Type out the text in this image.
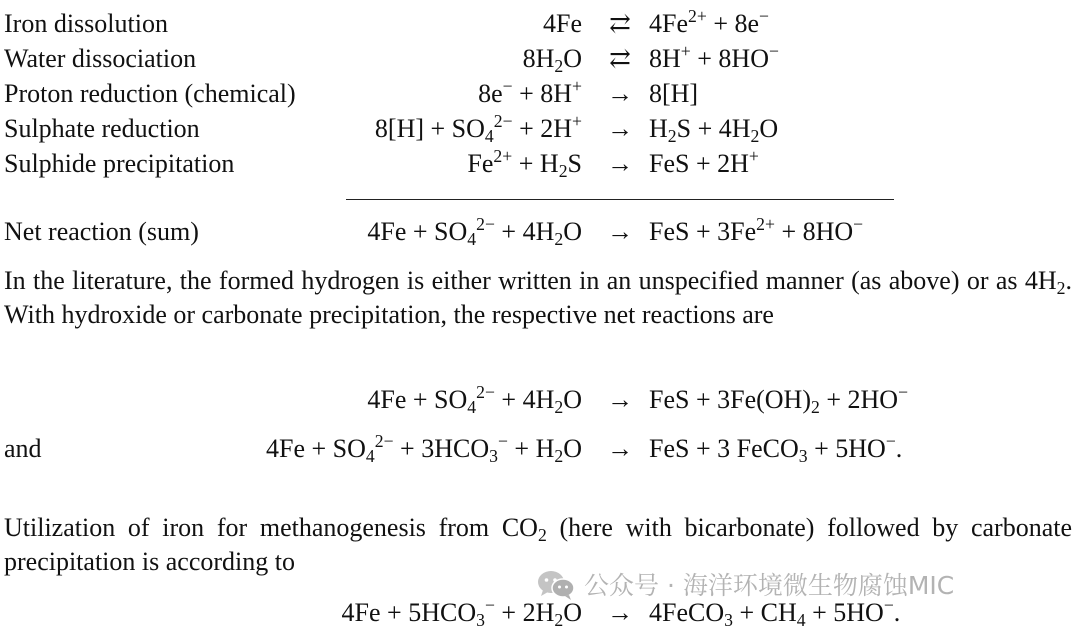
Iron dissolution	4Fe	⇄ $4Fe^{2+} + 8e^-$
Water dissociation	$8H_2O$	⇄ 8H+ + 8HO−
Proton reduction (chemical)	8e− + 8H+ → 8[H]
Sulphate reduction	$8[H] + SO_4^{2-} + 2H^+ \to H_2S + 4H_2O$
Sulphide precipitation	$Fe^{2+} + H_2S$ → FeS + 2H+
Net reaction (sum)	$4Fe + SO_4^{2-} + 4H_2O$ → FeS + $3Fe^{2+} + 8HO^-$
In the literature, the formed hydrogen is either written in an unspecified manner (as above) or as $4H_2$. With hydroxide or carbonate precipitation, the respective net reactions are
$4Fe + SO_4^{2-} + 4H_2O$ → FeS + $3Fe(OH)_2 + 2HO^-$
and	$4Fe + SO_4^{2-} + 3HCO_3^- + H_2O$ → FeS + 3 FeCO$_3$ + 5HO−.
Utilization of iron for methanogenesis from $CO_2$ (here with bicarbonate) followed by carbonate precipitation is according to
$4Fe + 5HCO_3^- + 2H_2O$ → 4FeCO$_3$ + $CH_4 + 5HO^-$.
公众号 · 海洋环境微生物腐蚀MIC
